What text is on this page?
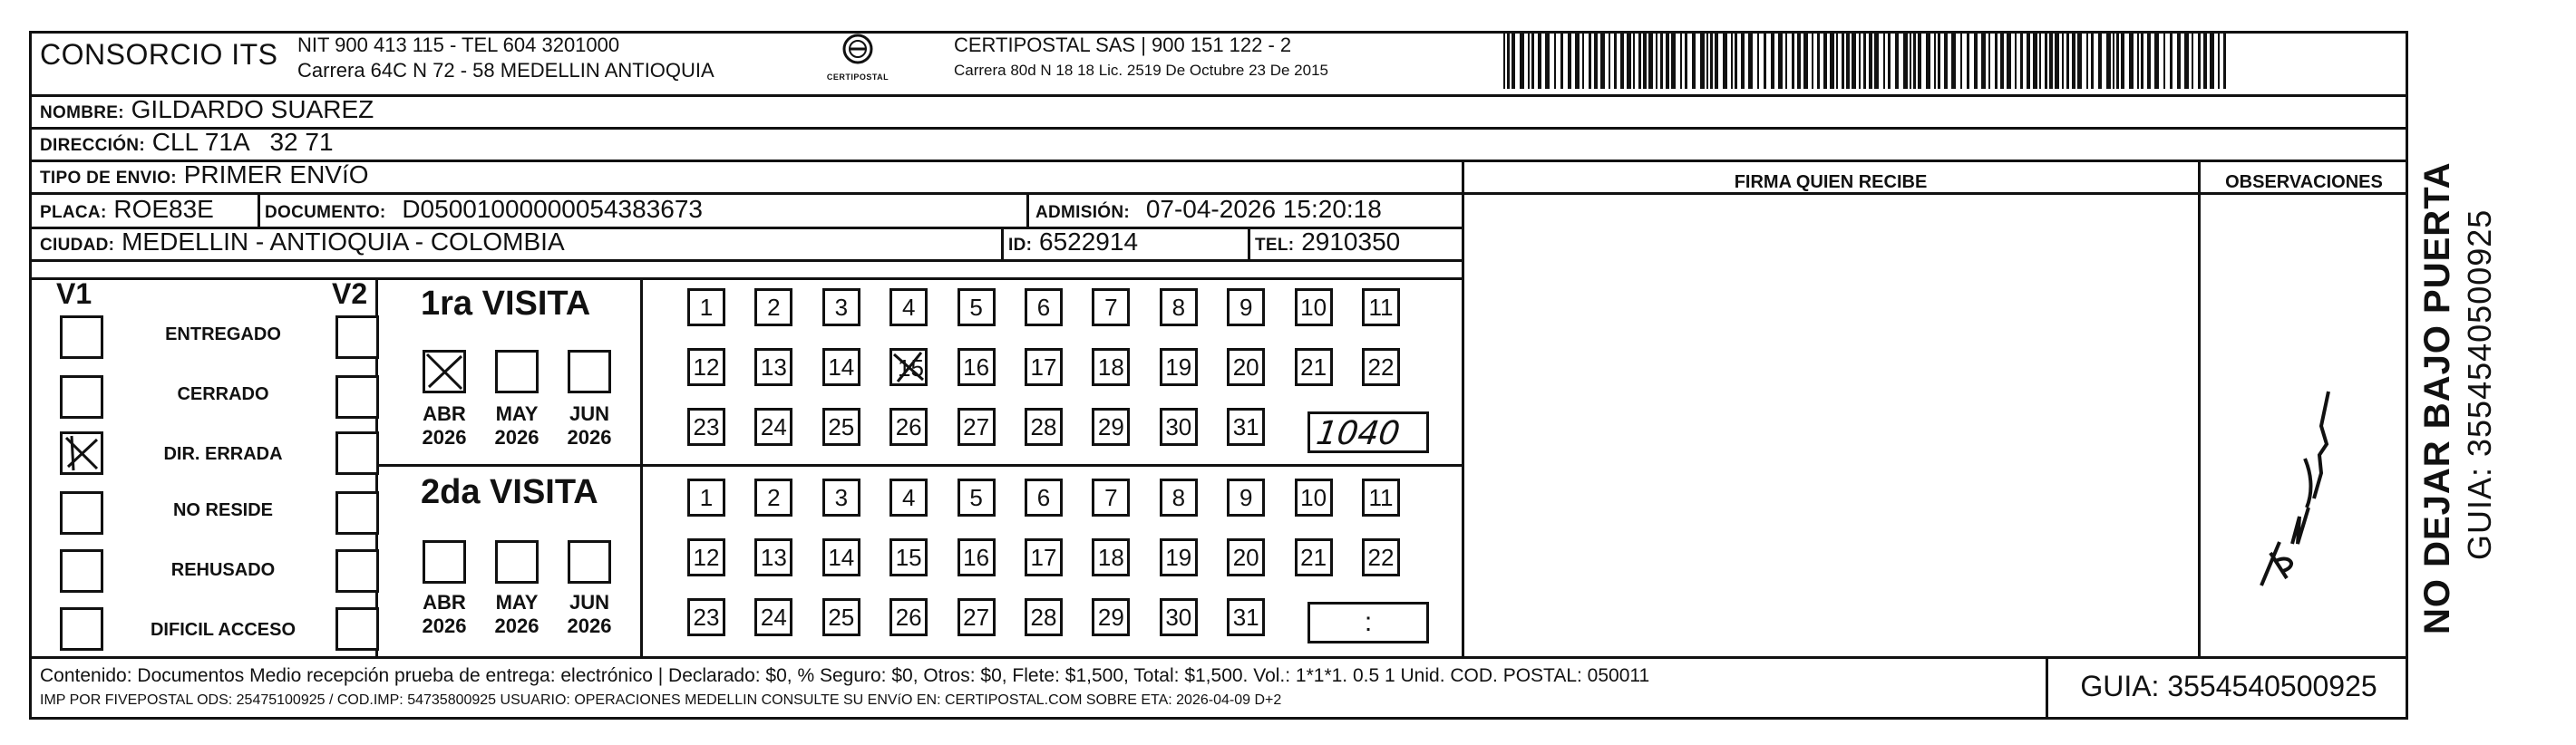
CONSORCIO ITS NIT 900 413 115 - TEL 604 3201000
Carrera 64C N 72 - 58 MEDELLIN ANTIOQUIA	CERTIPOSTAL
CERTIPOSTAL SAS | 900 151 122 - 2
Carrera 80d N 18 18 Lic. 2519 De Octubre 23 De 2015
NOMBRE: GILDARDO SUAREZ
DIRECCIÓN: CLL 71A   32 71
TIPO DE ENVIO: PRIMER ENVíO
PLACA: ROE83E	DOCUMENTO: D05001000000054383673	ADMISIÓN: 07-04-2026 15:20:18
CIUDAD: MEDELLIN - ANTIOQUIA - COLOMBIA	ID: 6522914	TEL: 2910350
FIRMA QUIEN RECIBE	OBSERVACIONES
V1	V2
ENTREGADO
CERRADO
DIR. ERRADA
NO RESIDE
REHUSADO
DIFICIL ACCESO
1ra VISITA
ABR
2026
MAY
2026
JUN
2026
2da VISITA
ABR
2026
MAY
2026
JUN
2026
1	2	3	4	5	6	7	8	9	10 11
12 13 14 15 16 17 18 19 20 21 22
23 24 25 26 27 28 29 30 31
1	2	3	4	5	6	7	8	9	10 11
12 13 14 15 16 17 18 19 20 21 22
23 24 25 26 27 28 29 30 31
1040
:
Contenido: Documentos Medio recepción prueba de entrega: electrónico | Declarado: $0, % Seguro: $0, Otros: $0, Flete: $1,500, Total: $1,500. Vol.: 1*1*1. 0.5 1 Unid. COD. POSTAL: 050011
IMP POR FIVEPOSTAL ODS: 25475100925 / COD.IMP: 54735800925 USUARIO: OPERACIONES MEDELLIN CONSULTE SU ENVíO EN: CERTIPOSTAL.COM SOBRE ETA: 2026-04-09 D+2	GUIA: 3554540500925
NO DEJAR BAJO PUERTA GUIA: 3554540500925
